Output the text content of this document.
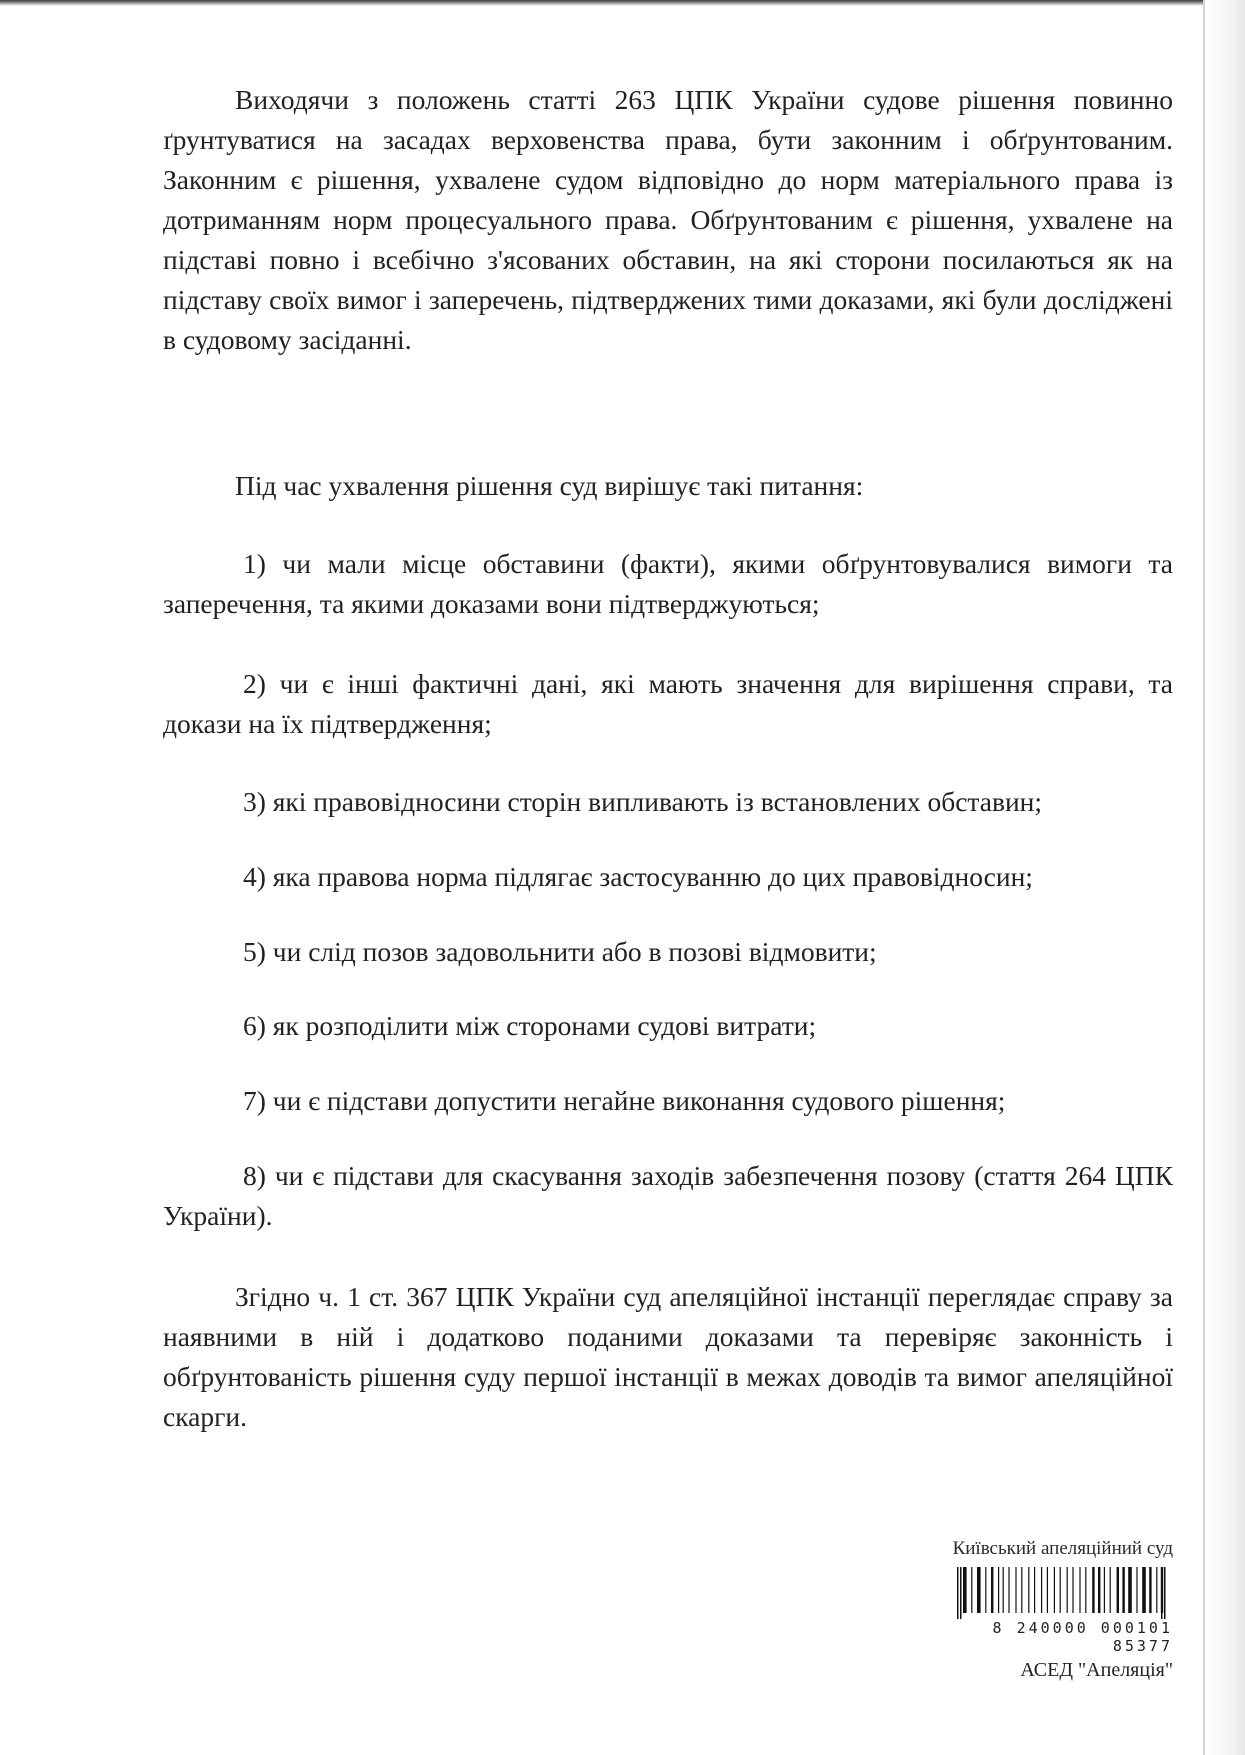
Виходячи з положень статті 263 ЦПК України судове рішення повинно ґрунтуватися на засадах верховенства права, бути законним і обґрунтованим. Законним є рішення, ухвалене судом відповідно до норм матеріального права із дотриманням норм процесуального права. Обґрунтованим є рішення, ухвалене на підставі повно і всебічно з'ясованих обставин, на які сторони посилаються як на підставу своїх вимог і заперечень, підтверджених тими доказами, які були досліджені в судовому засіданні.

Під час ухвалення рішення суд вирішує такі питання:

1) чи мали місце обставини (факти), якими обґрунтовувалися вимоги та заперечення, та якими доказами вони підтверджуються;

2) чи є інші фактичні дані, які мають значення для вирішення справи, та докази на їх підтвердження;

3) які правовідносини сторін випливають із встановлених обставин;

4) яка правова норма підлягає застосуванню до цих правовідносин;

5) чи слід позов задовольнити або в позові відмовити;

6) як розподілити між сторонами судові витрати;

7) чи є підстави допустити негайне виконання судового рішення;

8) чи є підстави для скасування заходів забезпечення позову (стаття 264 ЦПК України).

Згідно ч. 1 ст. 367 ЦПК України суд апеляційної інстанції переглядає справу за наявними в ній і додатково поданими доказами та перевіряє законність і обґрунтованість рішення суду першої інстанції в межах доводів та вимог апеляційної скарги.

Київський апеляційний суд
8 240000 000101 85377
АСЕД "Апеляція"
